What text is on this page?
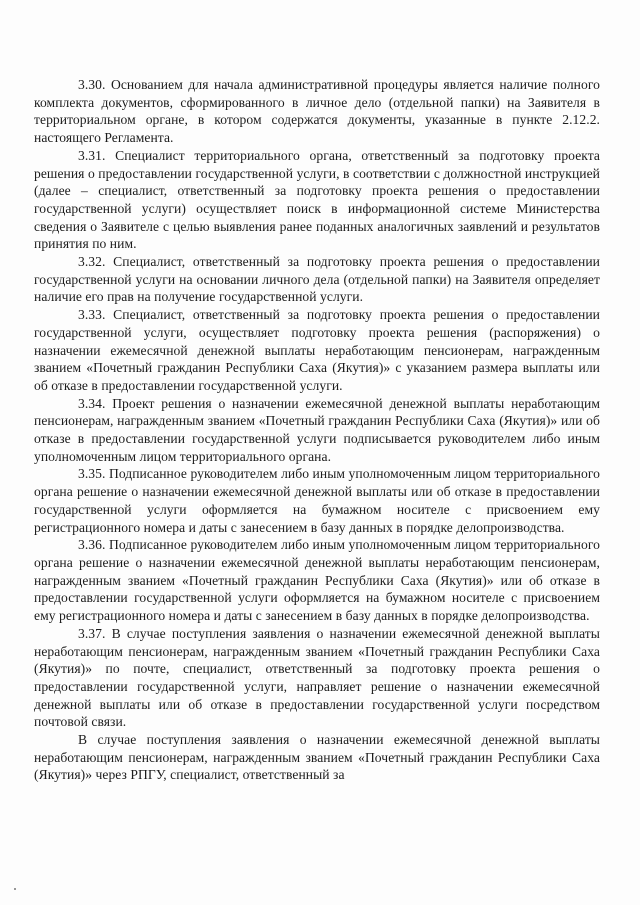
3.30. Основанием для начала административной процедуры является наличие полного комплекта документов, сформированного в личное дело (отдельной папки) на Заявителя в территориальном органе, в котором содержатся документы, указанные в пункте 2.12.2. настоящего Регламента.

3.31. Специалист территориального органа, ответственный за подготовку проекта решения о предоставлении государственной услуги, в соответствии с должностной инструкцией (далее – специалист, ответственный за подготовку проекта решения о предоставлении государственной услуги) осуществляет поиск в информационной системе Министерства сведения о Заявителе с целью выявления ранее поданных аналогичных заявлений и результатов принятия по ним.

3.32. Специалист, ответственный за подготовку проекта решения о предоставлении государственной услуги на основании личного дела (отдельной папки) на Заявителя определяет наличие его прав на получение государственной услуги.

3.33. Специалист, ответственный за подготовку проекта решения о предоставлении государственной услуги, осуществляет подготовку проекта решения (распоряжения) о назначении ежемесячной денежной выплаты неработающим пенсионерам, награжденным званием «Почетный гражданин Республики Саха (Якутия)» с указанием размера выплаты или об отказе в предоставлении государственной услуги.

3.34. Проект решения о назначении ежемесячной денежной выплаты неработающим пенсионерам, награжденным званием «Почетный гражданин Республики Саха (Якутия)» или об отказе в предоставлении государственной услуги подписывается руководителем либо иным уполномоченным лицом территориального органа.

3.35. Подписанное руководителем либо иным уполномоченным лицом территориального органа решение о назначении ежемесячной денежной выплаты или об отказе в предоставлении государственной услуги оформляется на бумажном носителе с присвоением ему регистрационного номера и даты с занесением в базу данных в порядке делопроизводства.

3.36. Подписанное руководителем либо иным уполномоченным лицом территориального органа решение о назначении ежемесячной денежной выплаты неработающим пенсионерам, награжденным званием «Почетный гражданин Республики Саха (Якутия)» или об отказе в предоставлении государственной услуги оформляется на бумажном носителе с присвоением ему регистрационного номера и даты с занесением в базу данных в порядке делопроизводства.

3.37. В случае поступления заявления о назначении ежемесячной денежной выплаты неработающим пенсионерам, награжденным званием «Почетный гражданин Республики Саха (Якутия)» по почте, специалист, ответственный за подготовку проекта решения о предоставлении государственной услуги, направляет решение о назначении ежемесячной денежной выплаты или об отказе в предоставлении государственной услуги посредством почтовой связи.

В случае поступления заявления о назначении ежемесячной денежной выплаты неработающим пенсионерам, награжденным званием «Почетный гражданин Республики Саха (Якутия)» через РПГУ, специалист, ответственный за
